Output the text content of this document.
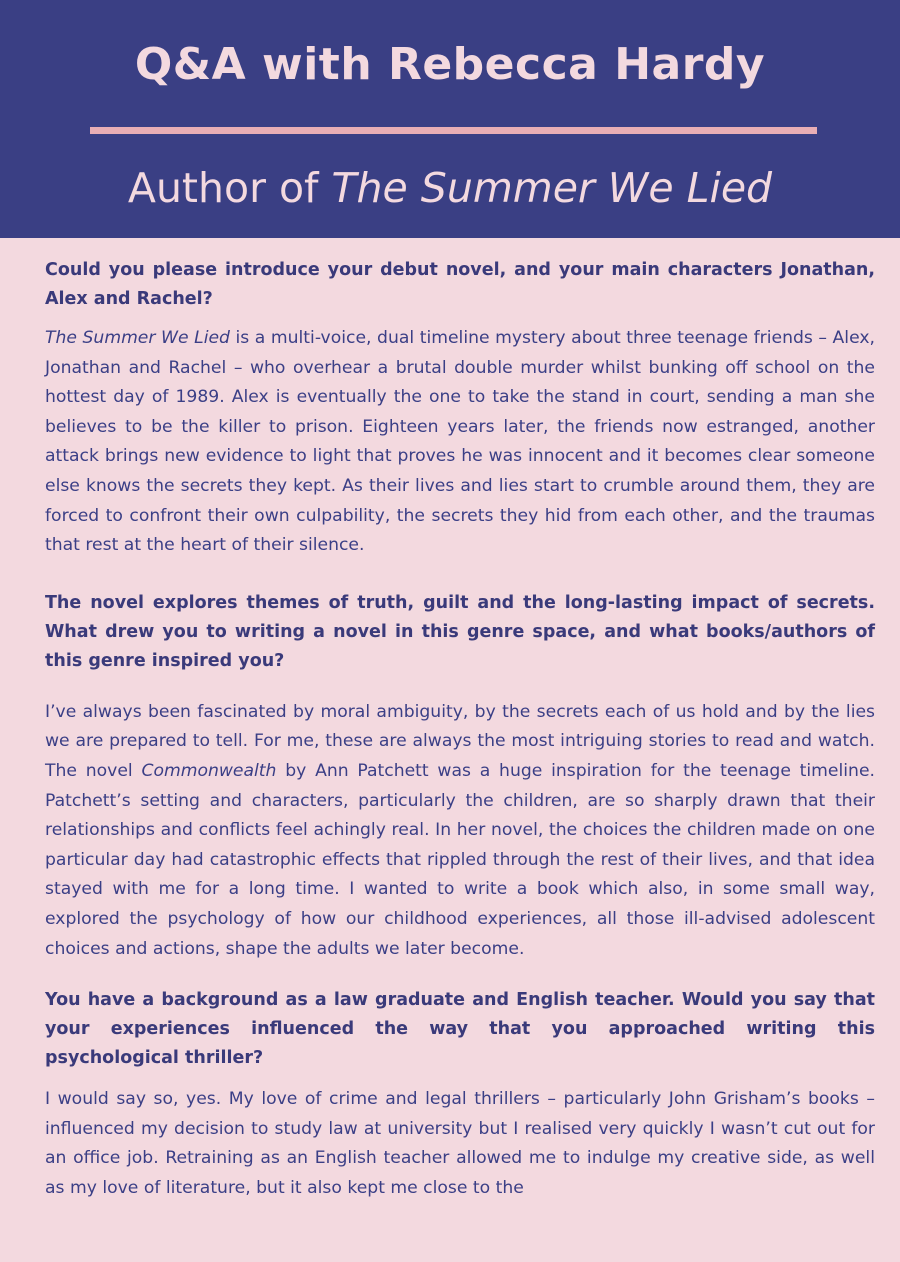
Q&A with Rebecca Hardy
Author of The Summer We Lied

Could you please introduce your debut novel, and your main characters Jonathan, Alex and Rachel?

The Summer We Lied is a multi-voice, dual timeline mystery about three teenage friends – Alex, Jonathan and Rachel – who overhear a brutal double murder whilst bunking off school on the hottest day of 1989. Alex is eventually the one to take the stand in court, sending a man she believes to be the killer to prison. Eighteen years later, the friends now estranged, another attack brings new evidence to light that proves he was innocent and it becomes clear someone else knows the secrets they kept. As their lives and lies start to crumble around them, they are forced to confront their own culpability, the secrets they hid from each other, and the traumas that rest at the heart of their silence.

The novel explores themes of truth, guilt and the long-lasting impact of secrets. What drew you to writing a novel in this genre space, and what books/authors of this genre inspired you?

I’ve always been fascinated by moral ambiguity, by the secrets each of us hold and by the lies we are prepared to tell. For me, these are always the most intriguing stories to read and watch. The novel Commonwealth by Ann Patchett was a huge inspiration for the teenage timeline. Patchett’s setting and characters, particularly the children, are so sharply drawn that their relationships and conflicts feel achingly real. In her novel, the choices the children made on one particular day had catastrophic effects that rippled through the rest of their lives, and that idea stayed with me for a long time. I wanted to write a book which also, in some small way, explored the psychology of how our childhood experiences, all those ill-advised adolescent choices and actions, shape the adults we later become.

You have a background as a law graduate and English teacher. Would you say that your experiences influenced the way that you approached writing this psychological thriller?

I would say so, yes. My love of crime and legal thrillers – particularly John Grisham’s books – influenced my decision to study law at university but I realised very quickly I wasn’t cut out for an office job. Retraining as an English teacher allowed me to indulge my creative side, as well as my love of literature, but it also kept me close to the
